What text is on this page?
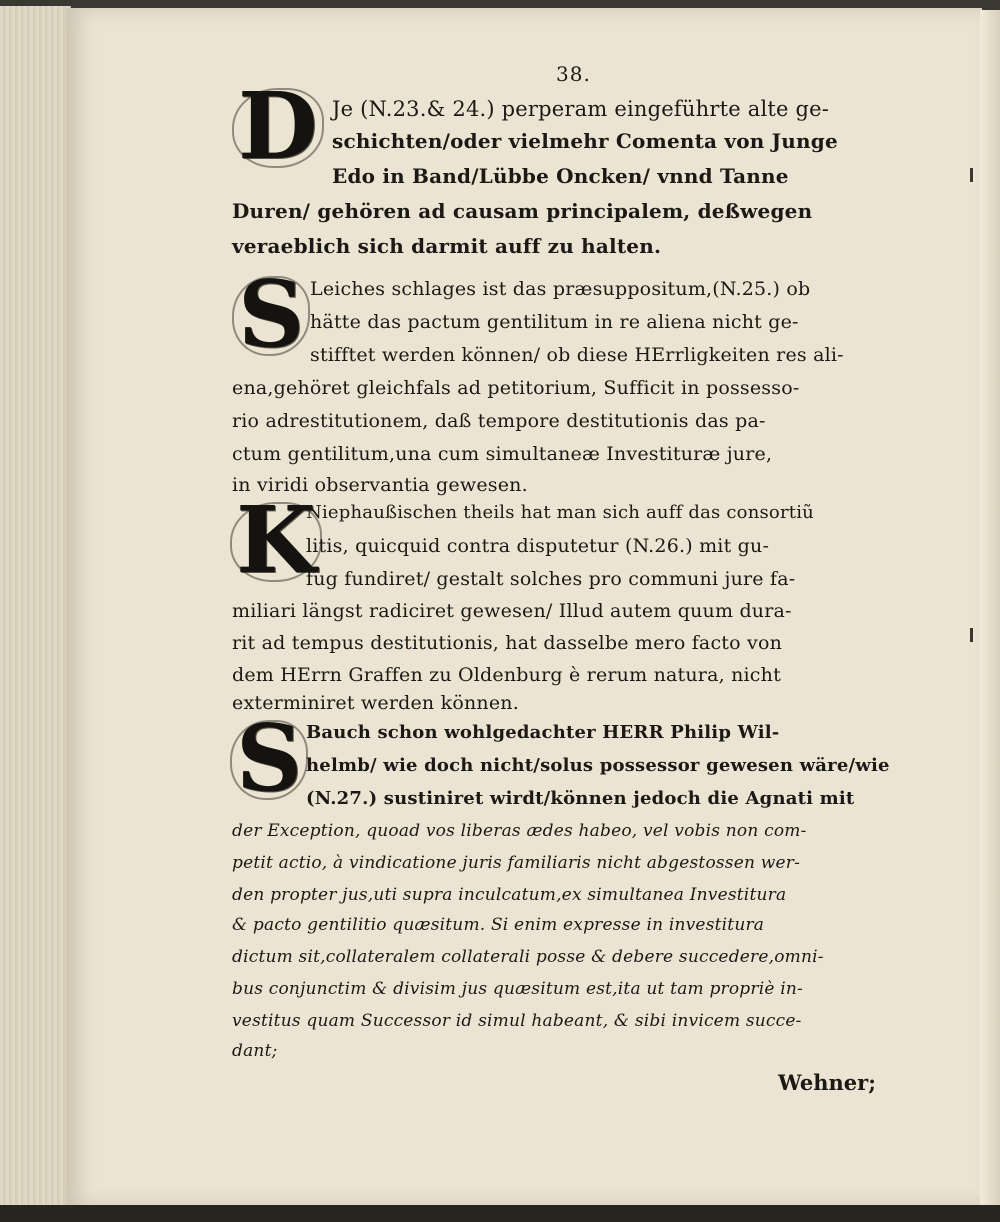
38.
D Je (N.23.& 24.) perperam eingeführte alte ge-
schichten/oder vielmehr Comenta von Junge
Edo in Band/Lübbe Oncken/ vnnd Tanne
Duren/ gehören ad causam principalem, deßwegen
veraeblich sich darmit auff zu halten.
S Leiches schlages ist das præsuppositum,(N.25.) ob
hätte das pactum gentilitum in re aliena nicht ge-
stifftet werden können/ ob diese HErrligkeiten res ali-
ena,gehöret gleichfals ad petitorium, Sufficit in possesso-
rio adrestitutionem, daß tempore destitutionis das pa-
ctum gentilitum,una cum simultaneæ Investituræ jure,
in viridi observantia gewesen.
K
Niephaußischen theils hat man sich auff das consortiũ
litis, quicquid contra disputetur (N.26.) mit gu-
fug fundiret/ gestalt solches pro communi jure fa-
miliari längst radiciret gewesen/ Illud autem quum dura-
rit ad tempus destitutionis, hat dasselbe mero facto von
dem HErrn Graffen zu Oldenburg è rerum natura, nicht
exterminiret werden können.
S Bauch schon wohlgedachter HERR Philip Wil-
helmb/ wie doch nicht/solus possessor gewesen wäre/wie
(N.27.) sustiniret wirdt/können jedoch die Agnati mit
der Exception, quoad vos liberas ædes habeo, vel vobis non com-
petit actio, à vindicatione juris familiaris nicht abgestossen wer-
den propter jus,uti supra inculcatum,ex simultanea Investitura
& pacto gentilitio quæsitum. Si enim expresse in investitura
dictum sit,collateralem collaterali posse & debere succedere,omni-
bus conjunctim & divisim jus quæsitum est,ita ut tam propriè in-
vestitus quam Successor id simul habeant, & sibi invicem succe-
dant;
Wehner;
